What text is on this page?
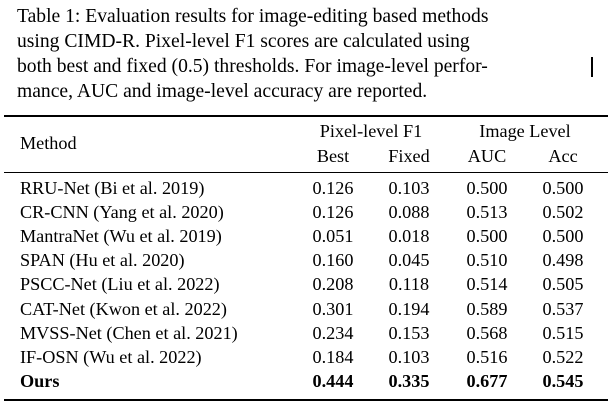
Table 1: Evaluation results for image-editing based methods
using CIMD-R. Pixel-level F1 scores are calculated using
both best and fixed (0.5) thresholds. For image-level perfor-
mance, AUC and image-level accuracy are reported.
Method
Pixel-level F1	Image Level
Best	Fixed	AUC	Acc
RRU-Net (Bi et al. 2019)	0.126	0.103	0.500	0.500
CR-CNN (Yang et al. 2020)	0.126	0.088	0.513	0.502
MantraNet (Wu et al. 2019)	0.051	0.018	0.500	0.500
SPAN (Hu et al. 2020)	0.160	0.045	0.510	0.498
PSCC-Net (Liu et al. 2022)	0.208	0.118	0.514	0.505
CAT-Net (Kwon et al. 2022)	0.301	0.194	0.589	0.537
MVSS-Net (Chen et al. 2021)	0.234	0.153	0.568	0.515
IF-OSN (Wu et al. 2022)	0.184	0.103	0.516	0.522
Ours	0.444	0.335	0.677	0.545
